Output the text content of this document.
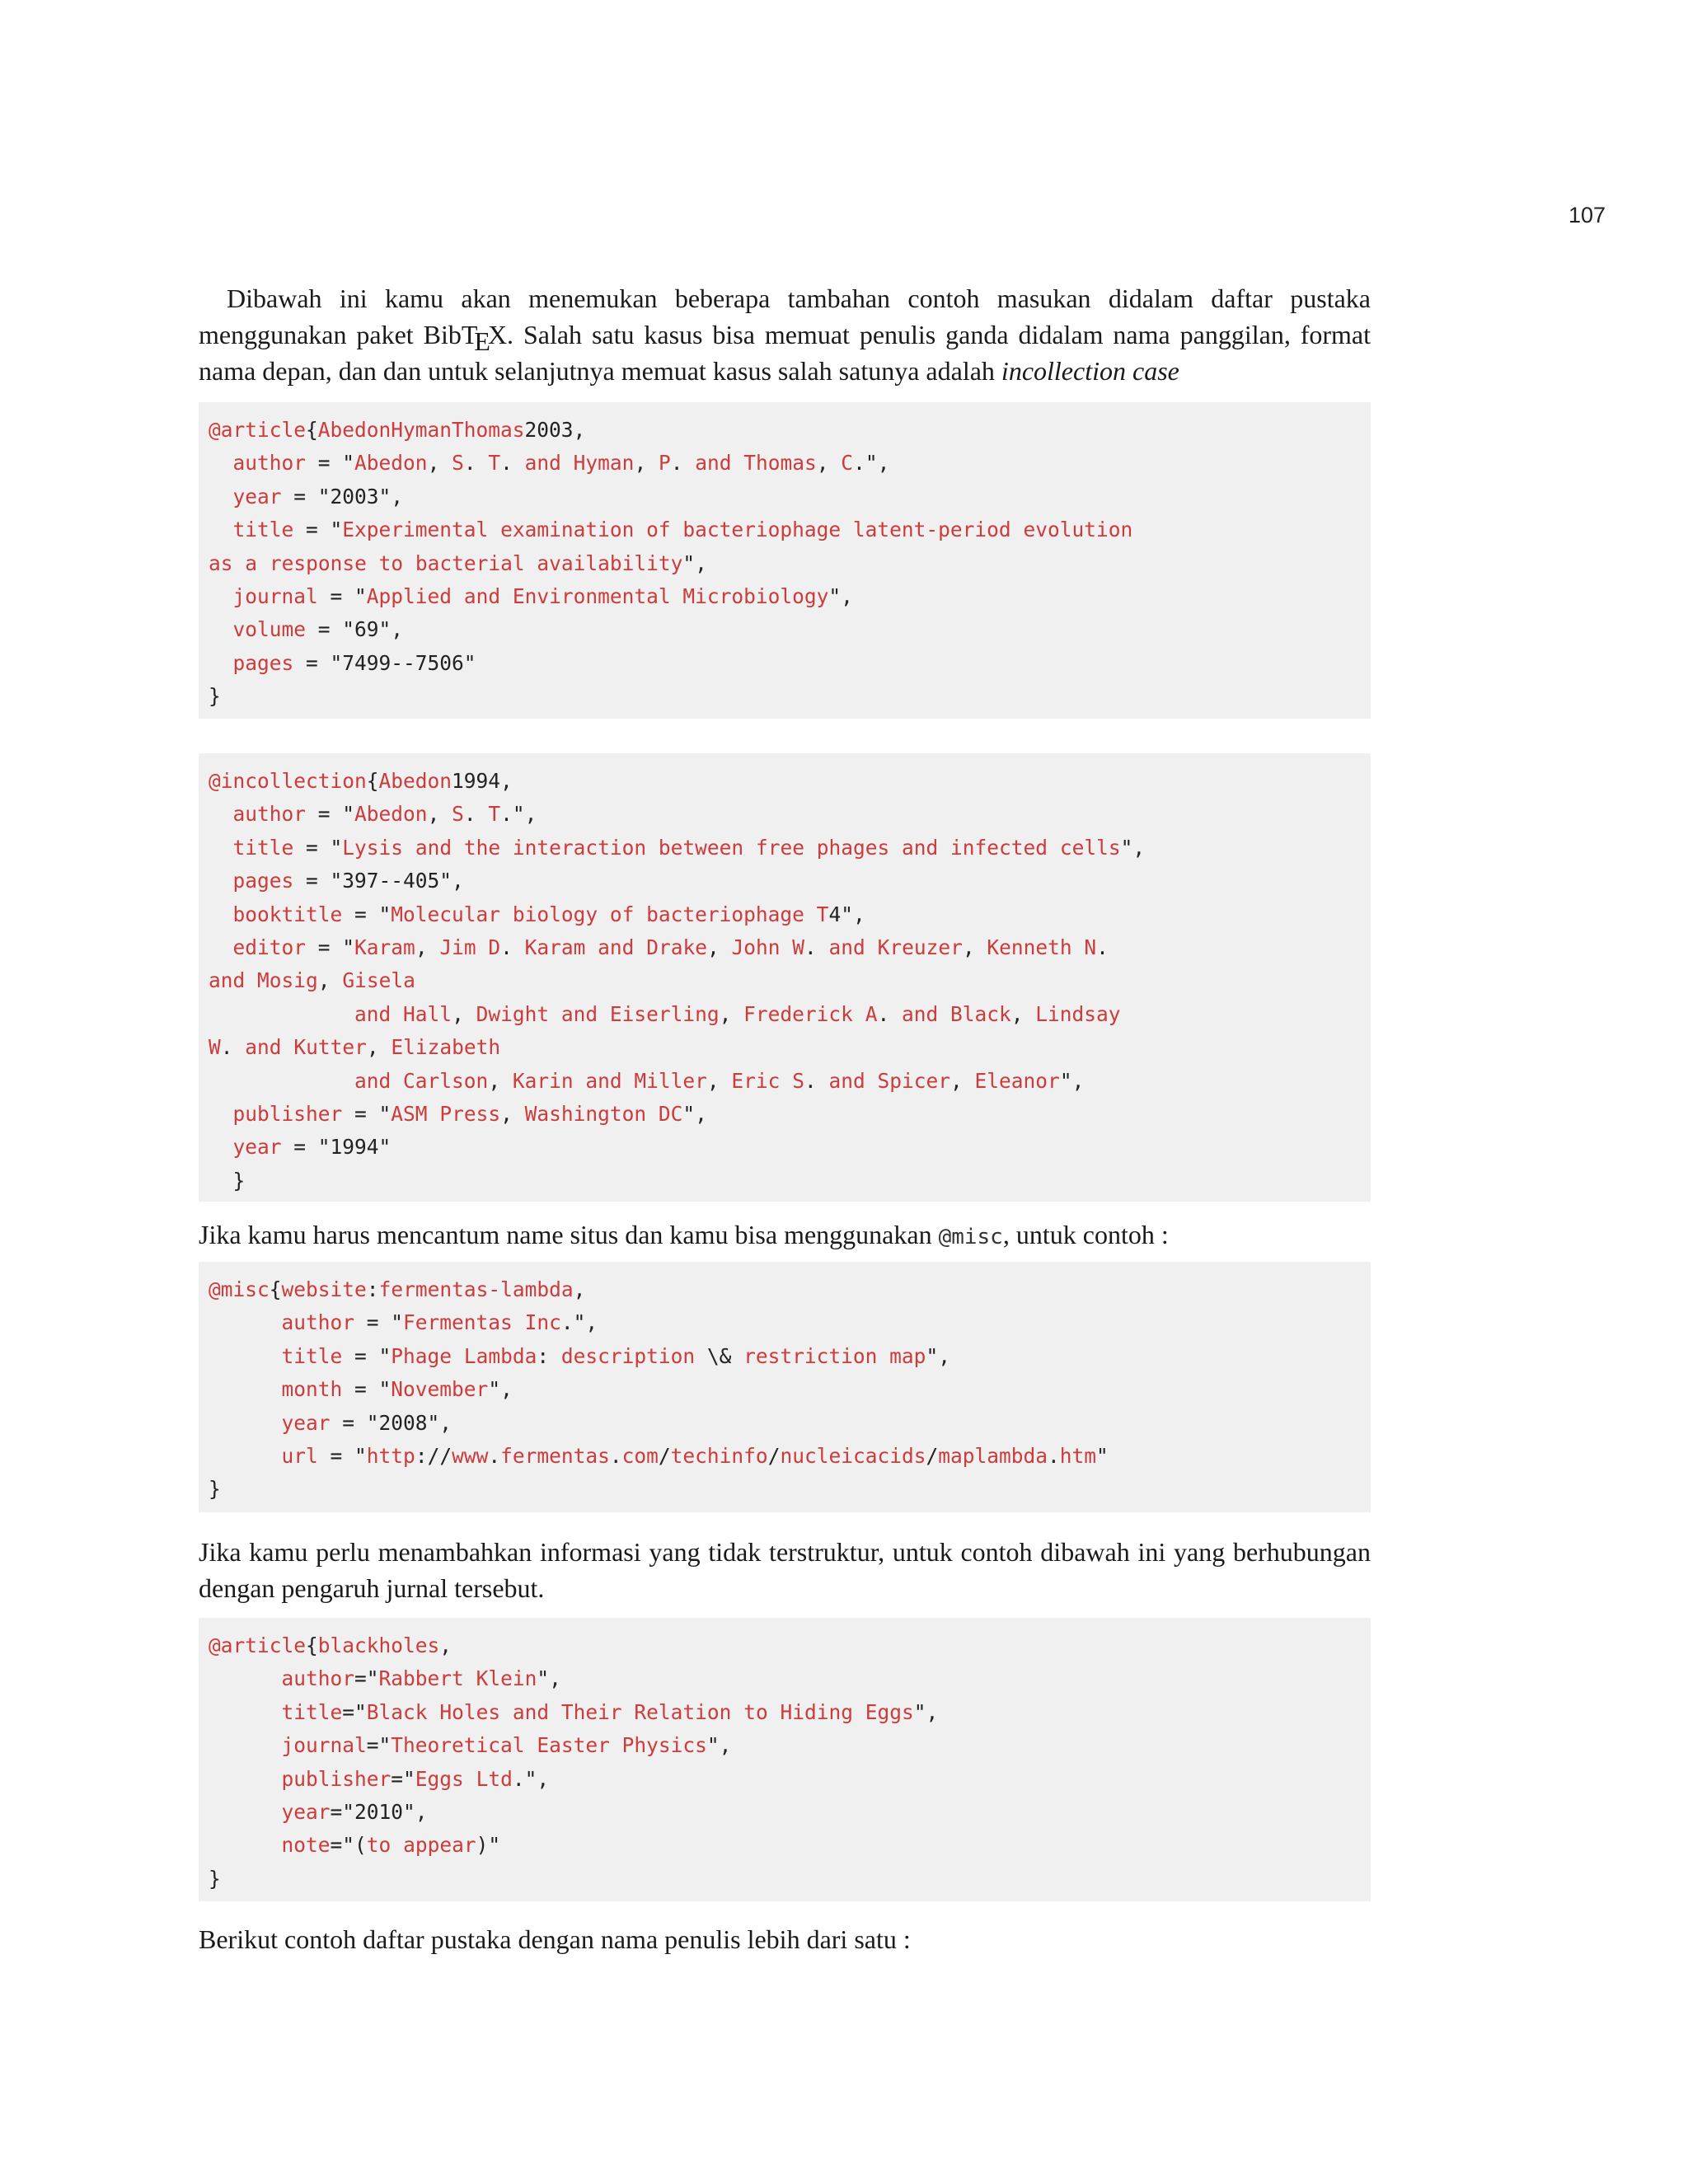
107

Dibawah ini kamu akan menemukan beberapa tambahan contoh masukan didalam daftar pustaka menggunakan paket BibTEX. Salah satu kasus bisa memuat penulis ganda didalam nama panggilan, format nama depan, dan dan untuk selanjutnya memuat kasus salah satunya adalah incollection case

@article{AbedonHymanThomas2003,
author = "Abedon, S. T. and Hyman, P. and Thomas, C.",
year = "2003",
title = "Experimental examination of bacteriophage latent-period evolution
as a response to bacterial availability",
journal = "Applied and Environmental Microbiology",
volume = "69",
pages = "7499--7506"
}
@incollection{Abedon1994,
author = "Abedon, S. T.",
title = "Lysis and the interaction between free phages and infected cells",
pages = "397--405",
booktitle = "Molecular biology of bacteriophage T4",
editor = "Karam, Jim D. Karam and Drake, John W. and Kreuzer, Kenneth N.
and Mosig, Gisela
and Hall, Dwight and Eiserling, Frederick A. and Black, Lindsay
W. and Kutter, Elizabeth
and Carlson, Karin and Miller, Eric S. and Spicer, Eleanor",
publisher = "ASM Press, Washington DC",
year = "1994"
}

Jika kamu harus mencantum name situs dan kamu bisa menggunakan @misc, untuk contoh :

@misc{website:fermentas-lambda,
author = "Fermentas Inc.",
title = "Phage Lambda: description \& restriction map",
month = "November",
year = "2008",
url = "http://www.fermentas.com/techinfo/nucleicacids/maplambda.htm"
}

Jika kamu perlu menambahkan informasi yang tidak terstruktur, untuk contoh dibawah ini yang berhubungan dengan pengaruh jurnal tersebut.

@article{blackholes,
author="Rabbert Klein",
title="Black Holes and Their Relation to Hiding Eggs",
journal="Theoretical Easter Physics",
publisher="Eggs Ltd.",
year="2010",
note="(to appear)"
}

Berikut contoh daftar pustaka dengan nama penulis lebih dari satu :
